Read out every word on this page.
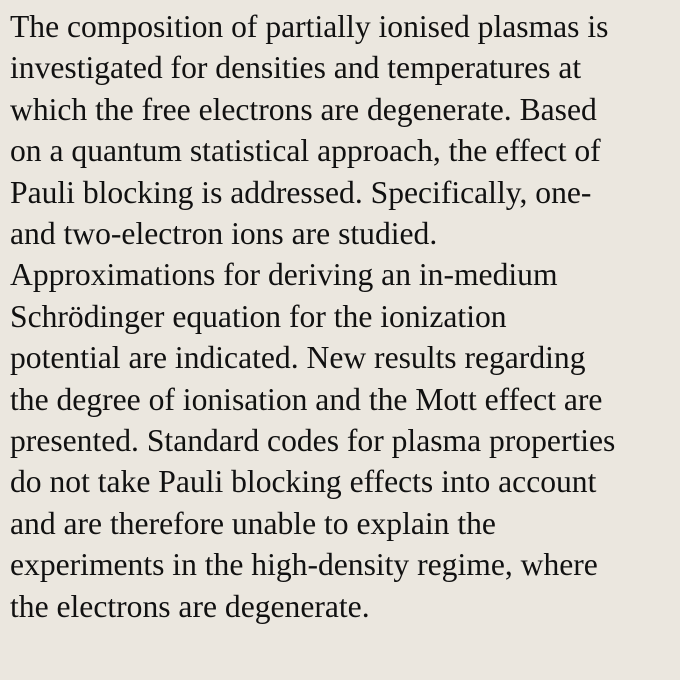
The composition of partially ionised plasmas is
investigated for densities and temperatures at
which the free electrons are degenerate. Based
on a quantum statistical approach, the effect of
Pauli blocking is addressed. Specifically, one-
and two-electron ions are studied.
Approximations for deriving an in-medium
Schrödinger equation for the ionization
potential are indicated. New results regarding
the degree of ionisation and the Mott effect are
presented. Standard codes for plasma properties
do not take Pauli blocking effects into account
and are therefore unable to explain the
experiments in the high-density regime, where
the electrons are degenerate.
